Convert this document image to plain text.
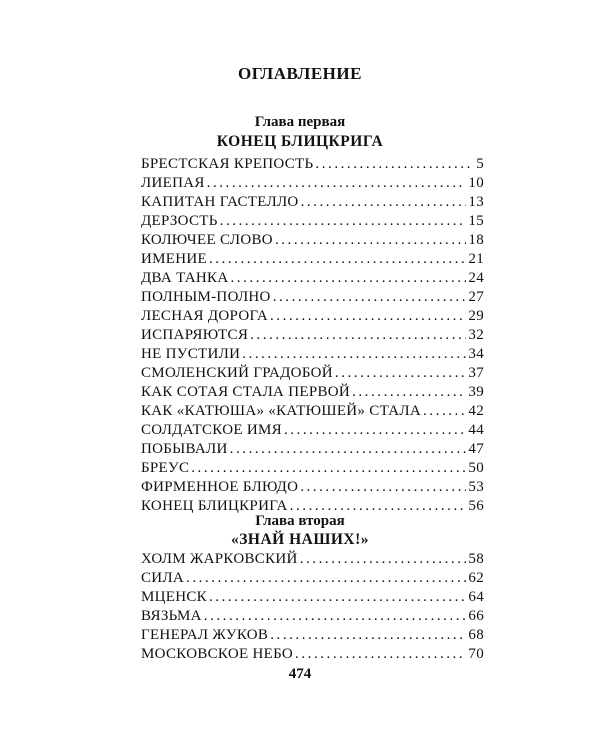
ОГЛАВЛЕНИЕ
Глава первая
КОНЕЦ БЛИЦКРИГА
БРЕСТСКАЯ КРЕПОСТЬ . . .	5
ЛИЕПАЯ . . .	10
КАПИТАН ГАСТЕЛЛО . . .	13
ДЕРЗОСТЬ . . .	15
КОЛЮЧЕЕ СЛОВО . . .	18
ИМЕНИЕ . . .	21
ДВА ТАНКА . . .	24
ПОЛНЫМ-ПОЛНО . . .	27
ЛЕСНАЯ ДОРОГА . . .	29
ИСПАРЯЮТСЯ . . .	32
НЕ ПУСТИЛИ . . .	34
СМОЛЕНСКИЙ ГРАДОБОЙ . . .	37
КАК СОТАЯ СТАЛА ПЕРВОЙ . . .	39
КАК «КАТЮША» «КАТЮШЕЙ» СТАЛА . . .	42
СОЛДАТСКОЕ ИМЯ . . .	44
ПОБЫВАЛИ . . .	47
БРЕУС . . .	50
ФИРМЕННОЕ БЛЮДО . . .	53
КОНЕЦ БЛИЦКРИГА . . .	56
Глава вторая
«ЗНАЙ НАШИХ!»
ХОЛМ ЖАРКОВСКИЙ . . .	58
СИЛА . . .	62
МЦЕНСК . . .	64
ВЯЗЬМА . . .	66
ГЕНЕРАЛ ЖУКОВ . . .	68
МОСКОВСКОЕ НЕБО . . .	70
474
